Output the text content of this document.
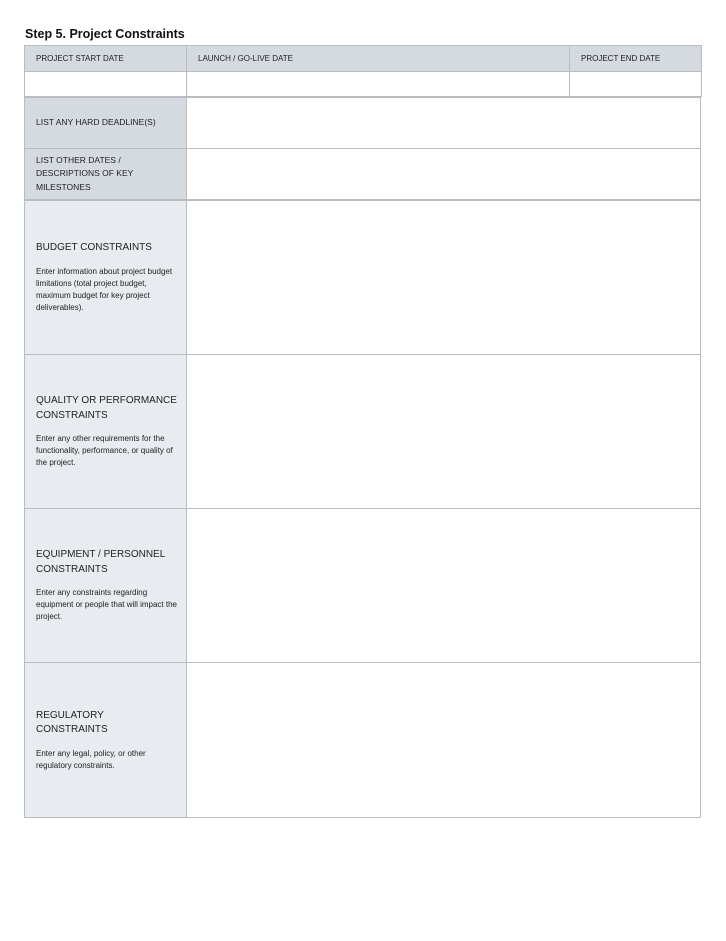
Step 5. Project Constraints
PROJECT START DATE	LAUNCH / GO-LIVE DATE	PROJECT END DATE

LIST ANY HARD DEADLINE(S)	

LIST OTHER DATES / DESCRIPTIONS OF KEY MILESTONES	

BUDGET CONSTRAINTS
Enter information about project budget limitations (total project budget, maximum budget for key project deliverables).	

QUALITY OR PERFORMANCE CONSTRAINTS
Enter any other requirements for the functionality, performance, or quality of the project.	

EQUIPMENT / PERSONNEL CONSTRAINTS
Enter any constraints regarding equipment or people that will impact the project.	

REGULATORY CONSTRAINTS
Enter any legal, policy, or other regulatory constraints.	
